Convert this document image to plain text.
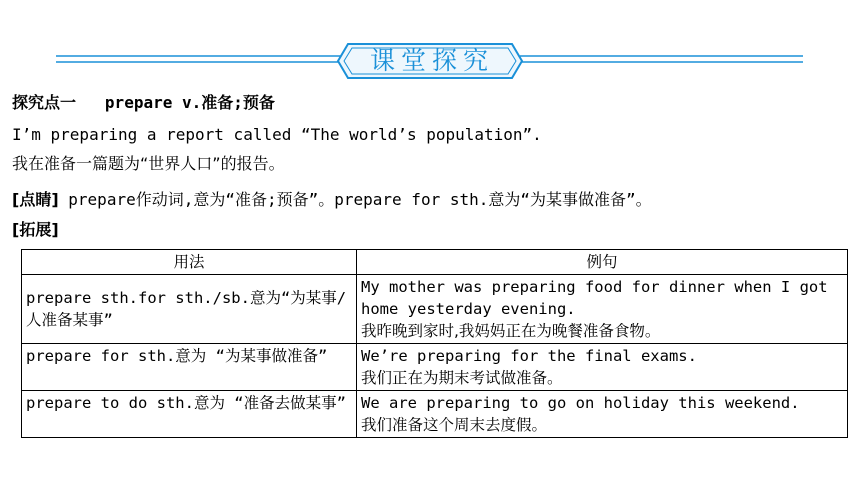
课堂探究
探究点一 prepare v.准备;预备
I’m preparing a report called “The world’s population”.
我在准备一篇题为“世界人口”的报告。
[点睛] prepare作动词,意为“准备;预备”。prepare for sth.意为“为某事做准备”。
[拓展]
用法	例句
prepare sth.for sth./sb.意为“为某事/人准备某事”	My mother was preparing food for dinner when I got home yesterday evening.
我昨晚到家时,我妈妈正在为晚餐准备食物。

prepare for sth.意为 “为某事做准备”	We’re preparing for the final exams.
我们正在为期末考试做准备。

prepare to do sth.意为 “准备去做某事”	We are preparing to go on holiday this weekend.
我们准备这个周末去度假。
